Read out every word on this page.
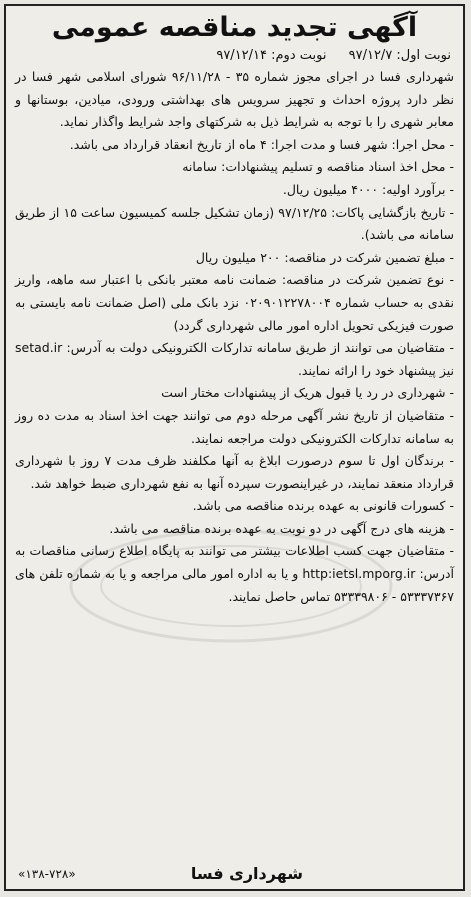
آگهی تجدید مناقصه عمومی
نوبت اول: ۹۷/۱۲/۷ نوبت دوم: ۹۷/۱۲/۱۴

شهرداری فسا در اجرای مجوز شماره ۳۵ - ۹۶/۱۱/۲۸ شورای اسلامی شهر فسا در نظر دارد پروژه احداث و تجهیز سرویس های بهداشتی ورودی، میادین، بوستانها و معابر شهری را با توجه به شرایط ذیل به شرکتهای واجد شرایط واگذار نماید.

- محل اجرا: شهر فسا و مدت اجرا: ۴ ماه از تاریخ انعقاد قرارداد می باشد.

- محل اخذ اسناد مناقصه و تسلیم پیشنهادات: سامانه

- برآورد اولیه: ۴۰۰۰ میلیون ریال.

- تاریخ بازگشایی پاکات: ۹۷/۱۲/۲۵ (زمان تشکیل جلسه کمیسیون ساعت ۱۵ از طریق سامانه می باشد).

- مبلغ تضمین شرکت در مناقصه: ۲۰۰ میلیون ریال

- نوع تضمین شرکت در مناقصه: ضمانت نامه معتبر بانکی با اعتبار سه ماهه، واریز نقدی به حساب شماره ۰۲۰۹۰۱۲۲۷۸۰۰۴ نزد بانک ملی (اصل ضمانت نامه بایستی به صورت فیزیکی تحویل اداره امور مالی شهرداری گردد)

- متقاضیان می توانند از طریق سامانه تدارکات الکترونیکی دولت به آدرس: setad.ir نیز پیشنهاد خود را ارائه نمایند.

- شهرداری در رد یا قبول هریک از پیشنهادات مختار است

- متقاضیان از تاریخ نشر آگهی مرحله دوم می توانند جهت اخذ اسناد به مدت ده روز به سامانه تدارکات الکترونیکی دولت مراجعه نمایند.

- برندگان اول تا سوم درصورت ابلاغ به آنها مکلفند ظرف مدت ۷ روز با شهرداری قرارداد منعقد نمایند، در غیراینصورت سپرده آنها به نفع شهرداری ضبط خواهد شد.

- کسورات قانونی به عهده برنده مناقصه می باشد.

- هزینه های درج آگهی در دو نوبت به عهده برنده مناقصه می باشد.

- متقاضیان جهت کسب اطلاعات بیشتر می توانند به پایگاه اطلاع رسانی مناقصات به آدرس: http:ietsl.mporg.ir و یا به اداره امور مالی مراجعه و یا به شماره تلفن های ۵۳۳۳۷۳۶۷ - ۵۳۳۳۹۸۰۶ تماس حاصل نمایند.

شهرداری فسا
«۱۳۸-۷۲۸»
